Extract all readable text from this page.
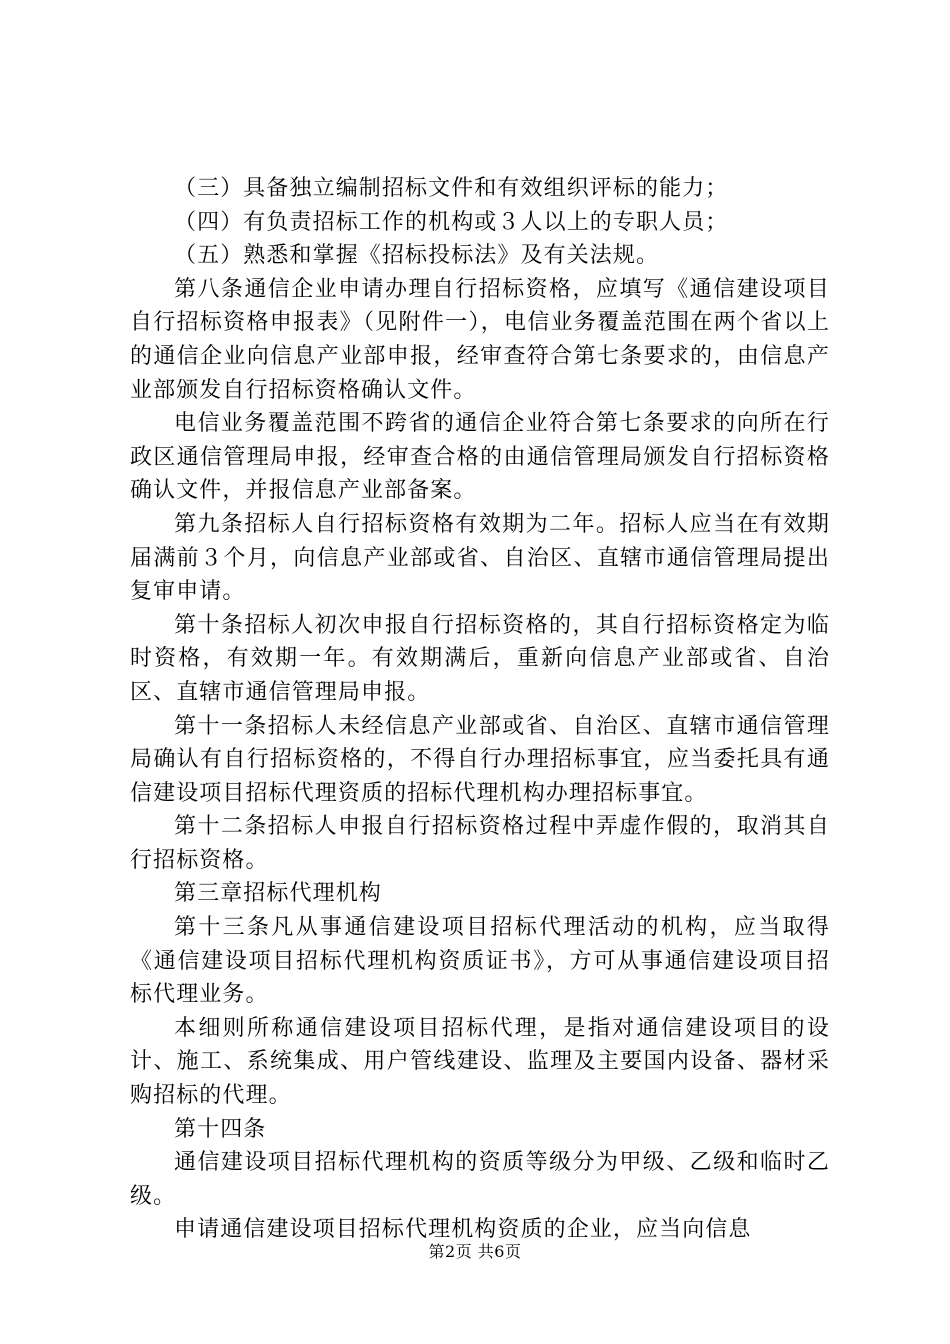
（三）具备独立编制招标文件和有效组织评标的能力；

（四）有负责招标工作的机构或３人以上的专职人员；

（五）熟悉和掌握《招标投标法》及有关法规。

第八条通信企业申请办理自行招标资格，应填写《通信建设项目自行招标资格申报表》（见附件一），电信业务覆盖范围在两个省以上的通信企业向信息产业部申报，经审查符合第七条要求的，由信息产业部颁发自行招标资格确认文件。

电信业务覆盖范围不跨省的通信企业符合第七条要求的向所在行政区通信管理局申报，经审查合格的由通信管理局颁发自行招标资格确认文件，并报信息产业部备案。

第九条招标人自行招标资格有效期为二年。招标人应当在有效期届满前３个月，向信息产业部或省、自治区、直辖市通信管理局提出复审申请。

第十条招标人初次申报自行招标资格的，其自行招标资格定为临时资格，有效期一年。有效期满后，重新向信息产业部或省、自治区、直辖市通信管理局申报。

第十一条招标人未经信息产业部或省、自治区、直辖市通信管理局确认有自行招标资格的，不得自行办理招标事宜，应当委托具有通信建设项目招标代理资质的招标代理机构办理招标事宜。

第十二条招标人申报自行招标资格过程中弄虚作假的，取消其自行招标资格。

第三章招标代理机构

第十三条凡从事通信建设项目招标代理活动的机构，应当取得《通信建设项目招标代理机构资质证书》，方可从事通信建设项目招标代理业务。

本细则所称通信建设项目招标代理，是指对通信建设项目的设计、施工、系统集成、用户管线建设、监理及主要国内设备、器材采购招标的代理。

第十四条

通信建设项目招标代理机构的资质等级分为甲级、乙级和临时乙级。

申请通信建设项目招标代理机构资质的企业，应当向信息

第2页 共6页
